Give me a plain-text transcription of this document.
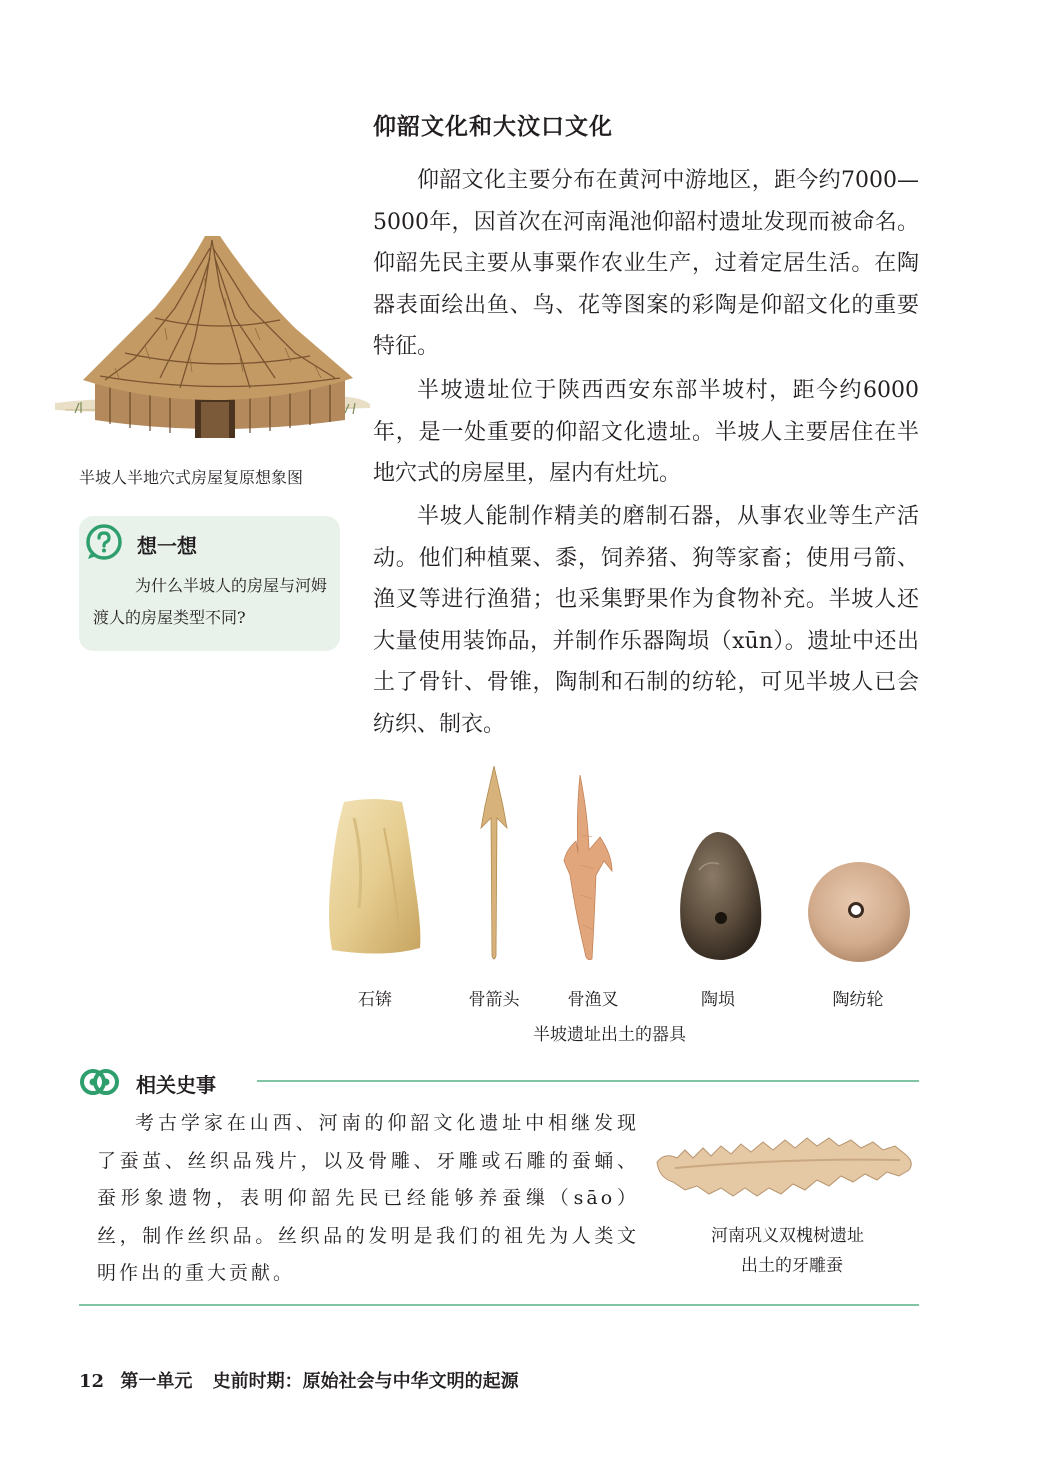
仰韶文化和大汶口文化

仰韶文化主要分布在黄河中游地区，距今约7000—5000年，因首次在河南渑池仰韶村遗址发现而被命名。仰韶先民主要从事粟作农业生产，过着定居生活。在陶器表面绘出鱼、鸟、花等图案的彩陶是仰韶文化的重要特征。

半坡遗址位于陕西西安东部半坡村，距今约6000年，是一处重要的仰韶文化遗址。半坡人主要居住在半地穴式的房屋里，屋内有灶坑。

半坡人能制作精美的磨制石器，从事农业等生产活动。他们种植粟、黍，饲养猪、狗等家畜；使用弓箭、渔叉等进行渔猎；也采集野果作为食物补充。半坡人还大量使用装饰品，并制作乐器陶埙（xūn）。遗址中还出土了骨针、骨锥，陶制和石制的纺轮，可见半坡人已会纺织、制衣。

半坡人半地穴式房屋复原想象图
想一想
为什么半坡人的房屋与河姆渡人的房屋类型不同?
石锛	骨箭头	骨渔叉	陶埙	陶纺轮
半坡遗址出土的器具
相关史事

考古学家在山西、河南的仰韶文化遗址中相继发现了蚕茧、丝织品残片，以及骨雕、牙雕或石雕的蚕蛹、蚕形象遗物，表明仰韶先民已经能够养蚕缫（sāo）丝，制作丝织品。丝织品的发明是我们的祖先为人类文明作出的重大贡献。

河南巩义双槐树遗址
出土的牙雕蚕
12 第一单元 史前时期：原始社会与中华文明的起源
